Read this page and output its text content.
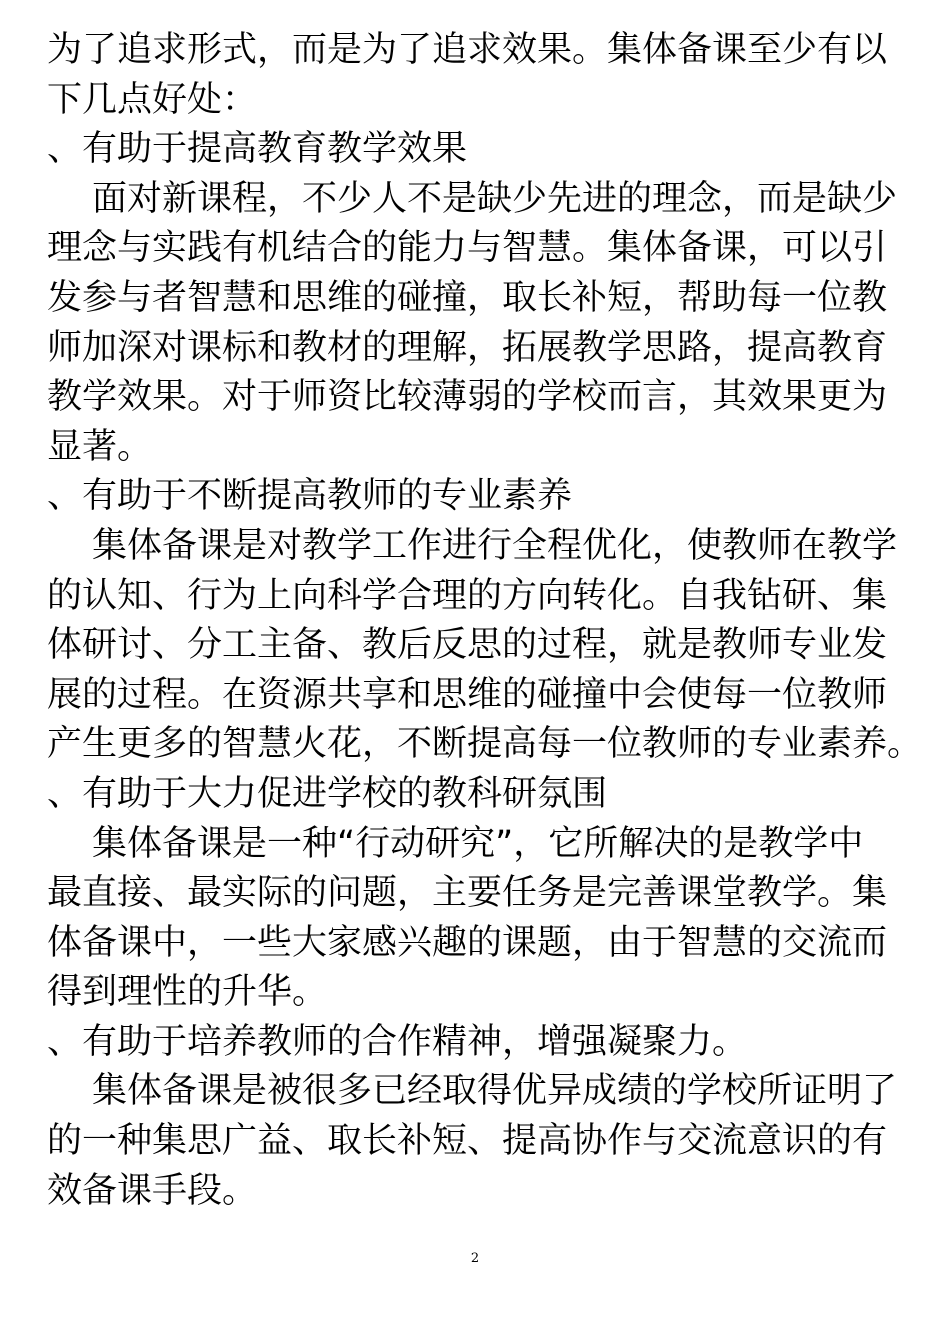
为了追求形式，而是为了追求效果。集体备课至少有以
下几点好处：

、有助于提高教育教学效果

面对新课程，不少人不是缺少先进的理念，而是缺少
理念与实践有机结合的能力与智慧。集体备课，可以引
发参与者智慧和思维的碰撞，取长补短，帮助每一位教
师加深对课标和教材的理解，拓展教学思路，提高教育
教学效果。对于师资比较薄弱的学校而言，其效果更为
显著。

、有助于不断提高教师的专业素养

集体备课是对教学工作进行全程优化，使教师在教学
的认知、行为上向科学合理的方向转化。自我钻研、集
体研讨、分工主备、教后反思的过程，就是教师专业发
展的过程。在资源共享和思维的碰撞中会使每一位教师
产生更多的智慧火花，不断提高每一位教师的专业素养。

、有助于大力促进学校的教科研氛围

集体备课是一种“行动研究”，它所解决的是教学中
最直接、最实际的问题，主要任务是完善课堂教学。集
体备课中，一些大家感兴趣的课题，由于智慧的交流而
得到理性的升华。

、有助于培养教师的合作精神，增强凝聚力。

集体备课是被很多已经取得优异成绩的学校所证明了
的一种集思广益、取长补短、提高协作与交流意识的有
效备课手段。

2
